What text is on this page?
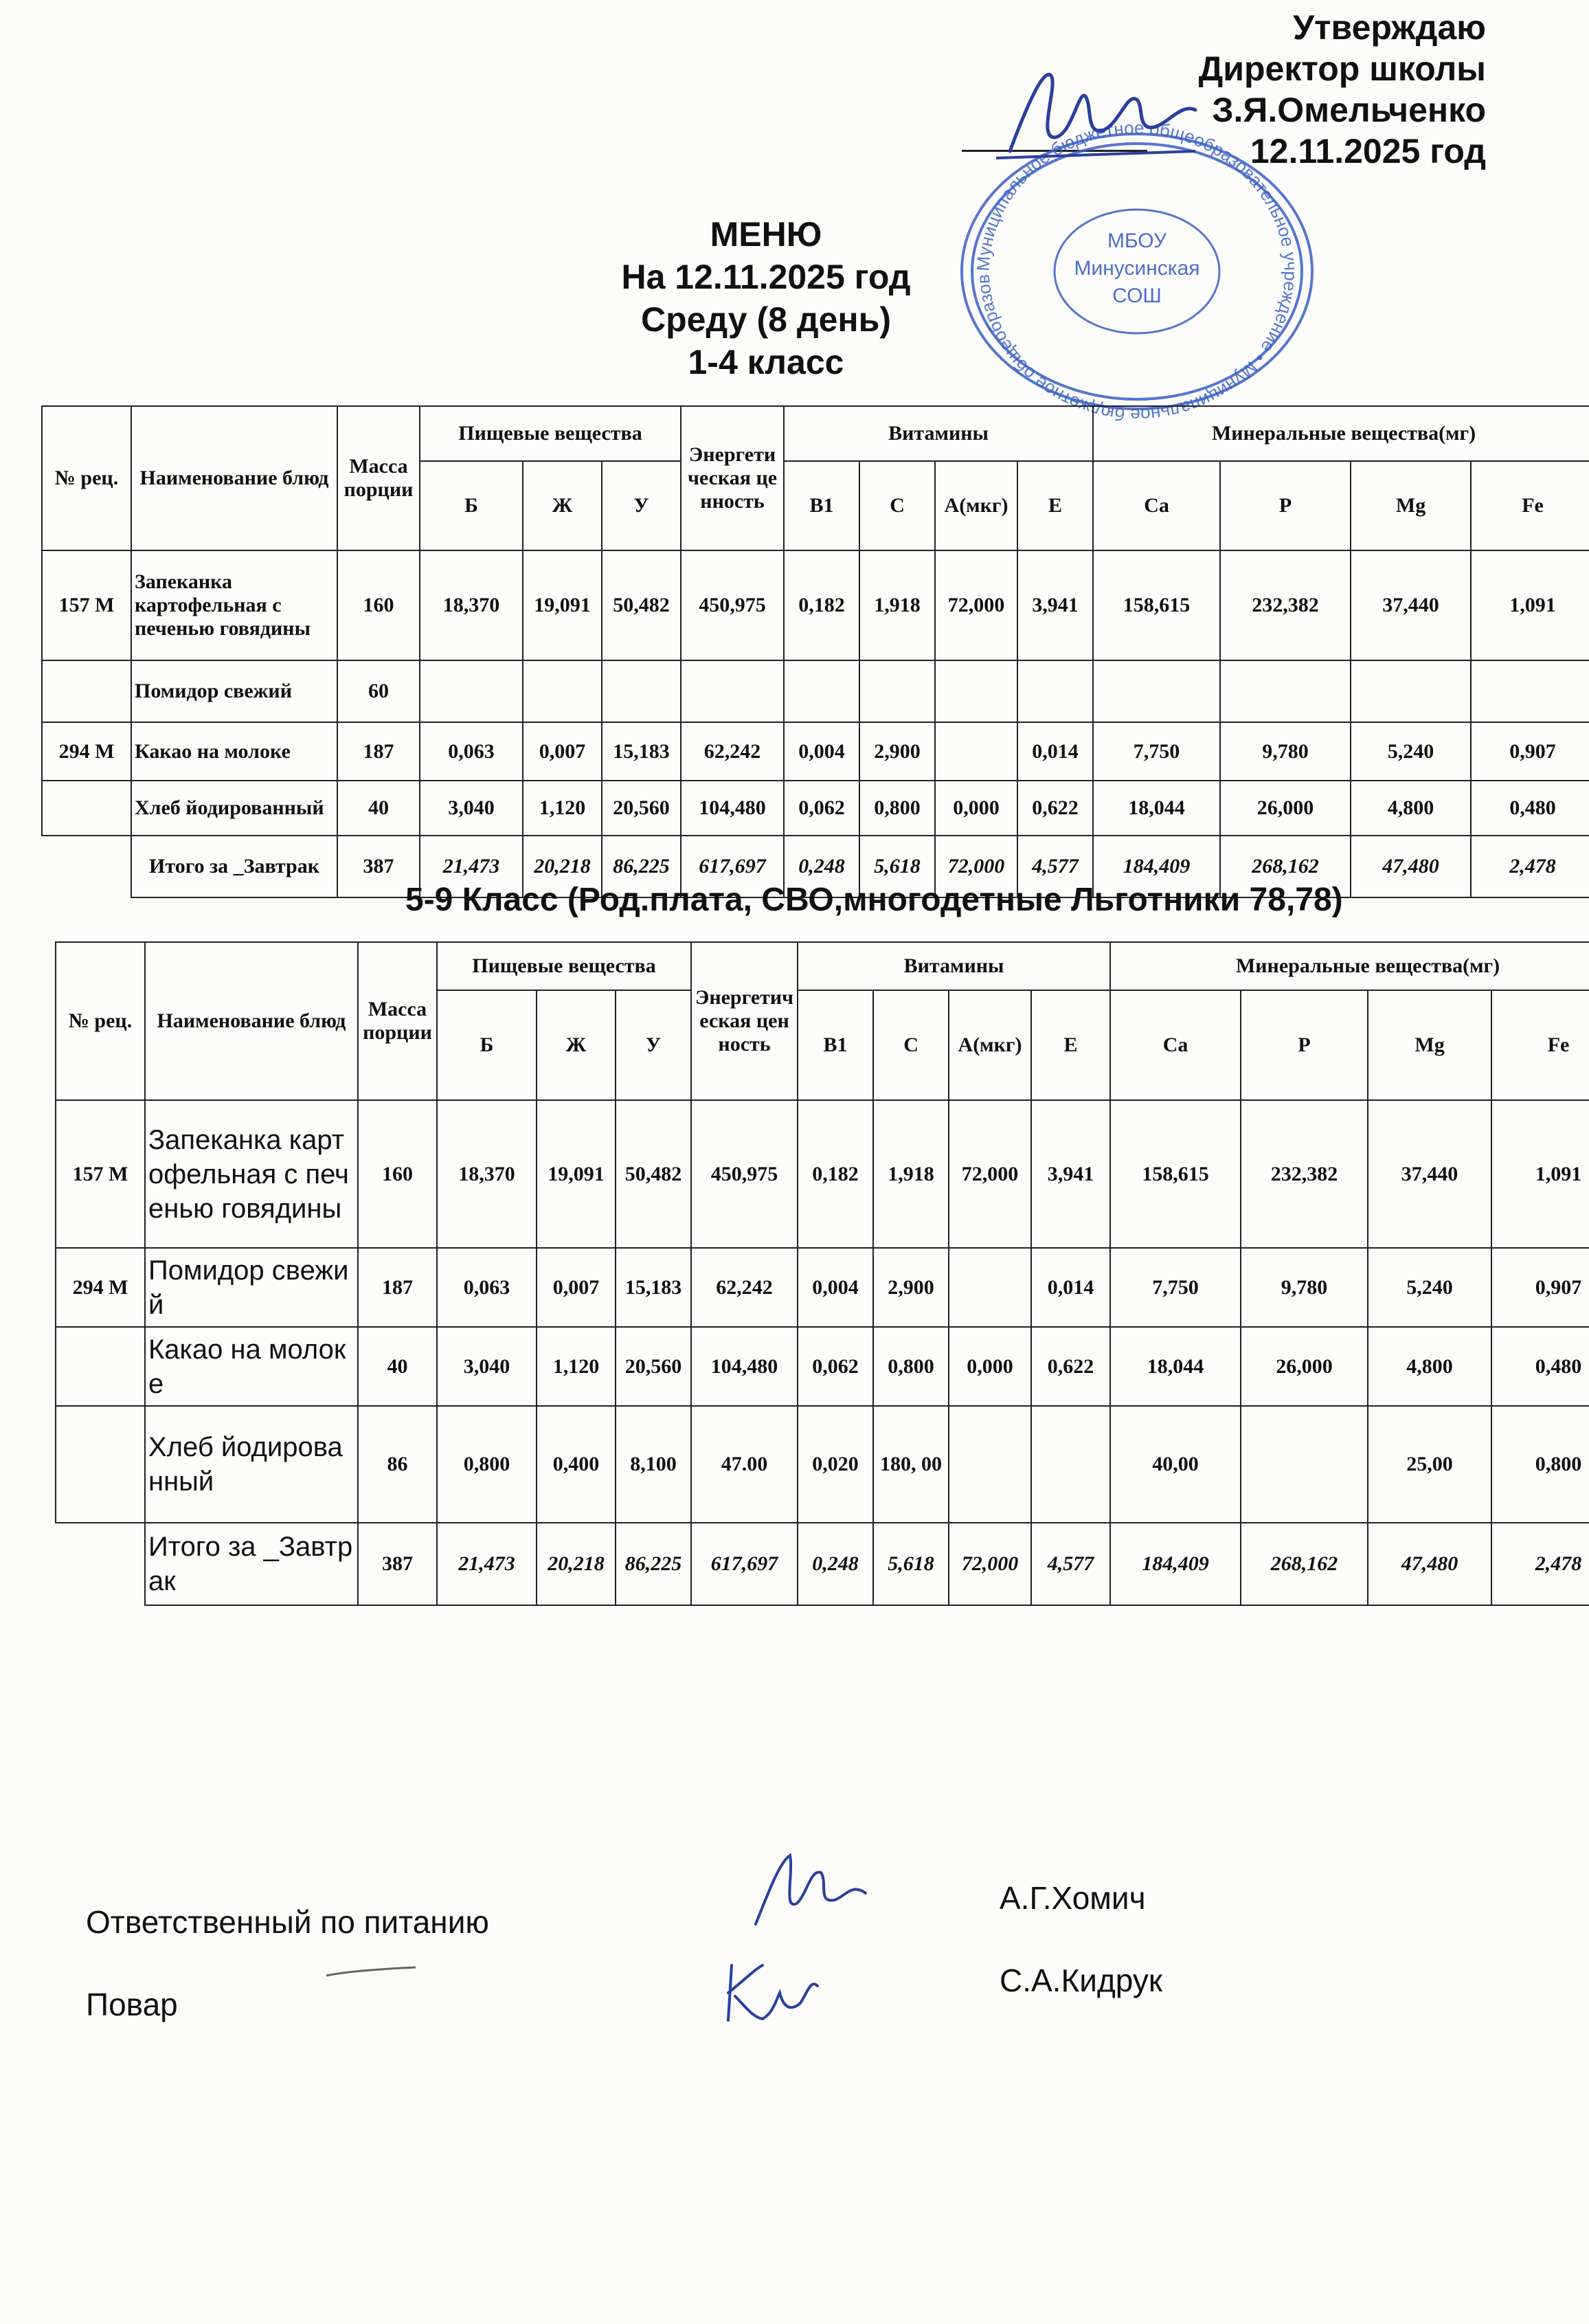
Утверждаю
Директор школы
З.Я.Омельченко
12.11.2025 год
Муниципальное бюджетное общеобразовательное учреждение • Муниципальное бюджетное общеобразовательное учреждение
МБОУ
Минусинская
СОШ
МЕНЮ
На 12.11.2025 год
Среду (8 день)
1-4 класс
№ рец.	Наименование блюд	Масса порции	Пищевые вещества			Энергетическая ценность	Витамины				Минеральные вещества(мг)			
			Б	Ж	У		B1	C	A(мкг)	E	Ca	P	Mg	Fe
157 М	Запеканка картофельная с печенью говядины	160	18,370	19,091	50,482	450,975	0,182	1,918	72,000	3,941	158,615	232,382	37,440	1,091
	Помидор свежий	60												
294 М	Какао на молоке	187	0,063	0,007	15,183	62,242	0,004	2,900		0,014	7,750	9,780	5,240	0,907
	Хлеб йодированный	40	3,040	1,120	20,560	104,480	0,062	0,800	0,000	0,622	18,044	26,000	4,800	0,480
	Итого за _Завтрак	387	21,473	20,218	86,225	617,697	0,248	5,618	72,000	4,577	184,409	268,162	47,480	2,478
5-9 Класс (Род.плата, СВО,многодетные Льготники 78,78)
№ рец.	Наименование блюд	Масса порции	Пищевые вещества			Энергетическая ценность	Витамины				Минеральные вещества(мг)			
			Б	Ж	У		B1	C	A(мкг)	E	Ca	P	Mg	Fe
157 М	Запеканка картофельная с печенью говядины	160	18,370	19,091	50,482	450,975	0,182	1,918	72,000	3,941	158,615	232,382	37,440	1,091
294 М	Помидор свежий	187	0,063	0,007	15,183	62,242	0,004	2,900		0,014	7,750	9,780	5,240	0,907
	Какао на молоке	40	3,040	1,120	20,560	104,480	0,062	0,800	0,000	0,622	18,044	26,000	4,800	0,480
	Хлеб йодированный	86	0,800	0,400	8,100	47.00	0,020	180, 00			40,00		25,00	0,800
	Итого за _Завтрак	387	21,473	20,218	86,225	617,697	0,248	5,618	72,000	4,577	184,409	268,162	47,480	2,478
Ответственный по питанию
А.Г.Хомич
Повар
С.А.Кидрук
